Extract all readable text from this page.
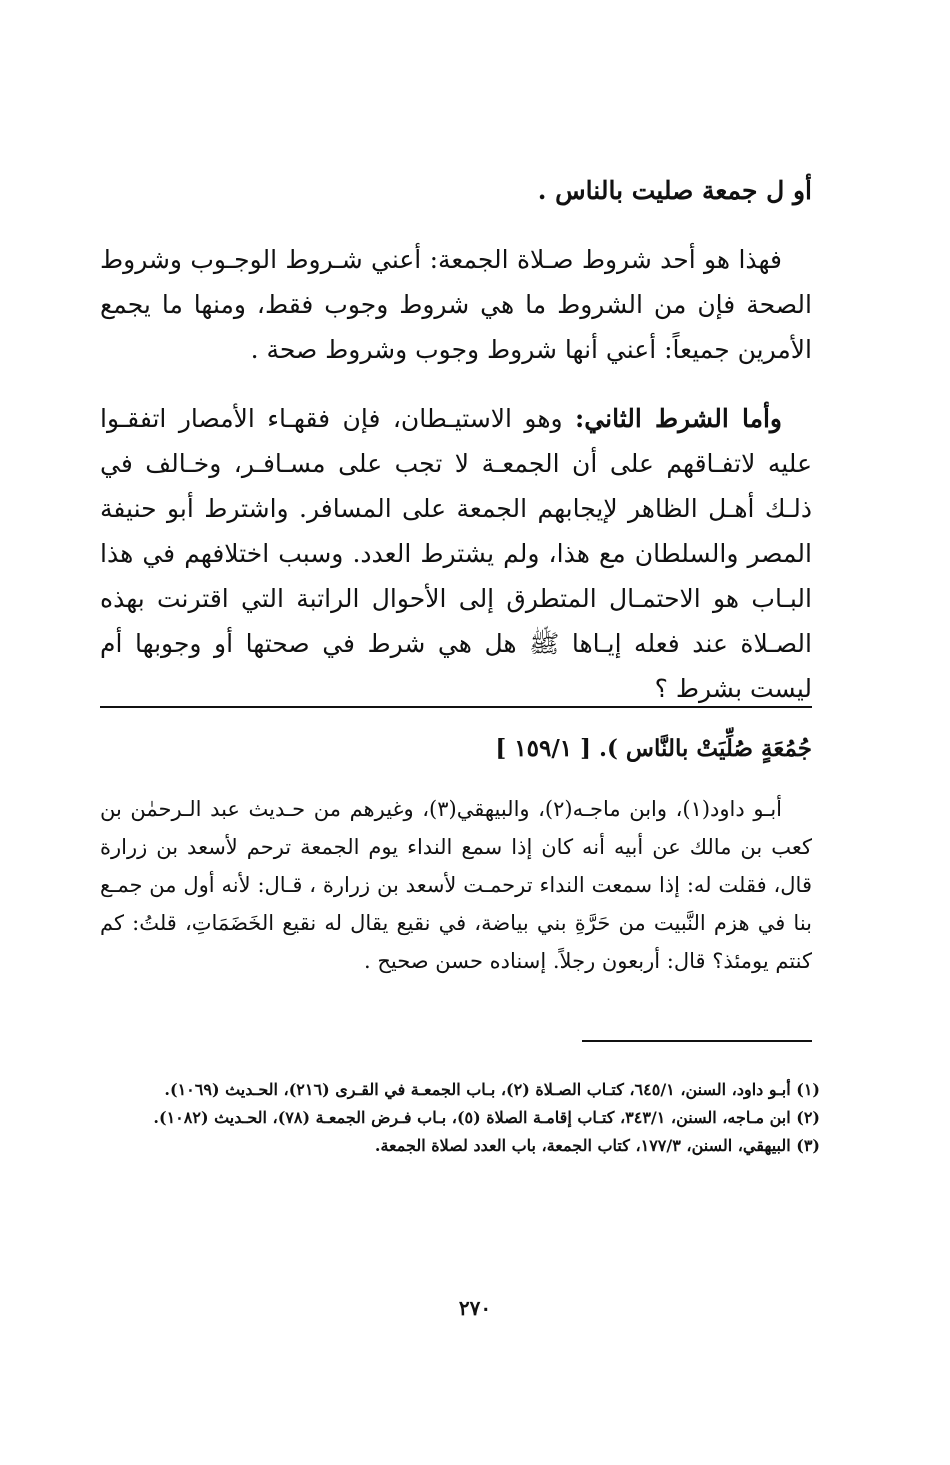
أو ل جمعة صليت بالناس .

فهذا هو أحد شروط صـلاة الجمعة: أعني شـروط الوجـوب وشروط الصحة فإن من الشروط ما هي شروط وجوب فقط، ومنها ما يجمع الأمرين جميعاً: أعني أنها شروط وجوب وشروط صحة .

وأما الشرط الثاني: وهو الاستيـطان، فإن فقهـاء الأمصار اتفقـوا عليه لاتفـاقهم على أن الجمعـة لا تجب على مسـافـر، وخـالف في ذلـك أهـل الظاهر لإيجابهم الجمعة على المسافر. واشترط أبو حنيفة المصر والسلطان مع هذا، ولم يشترط العدد. وسبب اختلافهم في هذا البـاب هو الاحتمـال المتطرق إلى الأحوال الراتبة التي اقترنت بهذه الصـلاة عند فعله إيـاها ﷺ هل هي شرط في صحتها أو وجوبها أم ليست بشرط ؟

جُمُعَةٍ صُلِّيَتْ بالنَّاس ). [ ١٥٩/١ ]

أبـو داود(١)، وابن ماجـه(٢)، والبيهقي(٣)، وغيرهم من حـديث عبد الـرحمٰن بن كعب بن مالك عن أبيه أنه كان إذا سمع النداء يوم الجمعة ترحم لأسعد بن زرارة قال، فقلت له: إذا سمعت النداء ترحمـت لأسعد بن زرارة ، قـال: لأنه أول من جمـع بنا في هزم النَّبيت من حَرَّةِ بني بياضة، في نقيع يقال له نقيع الخَضَمَاتِ، قلتُ: كم كنتم يومئذ؟ قال: أربعون رجلاً. إسناده حسن صحيح .

(١) أبـو داود، السنن، ٦٤٥/١، كتـاب الصـلاة (٢)، بـاب الجمعـة في القـرى (٢١٦)، الحـديث (١٠٦٩).

(٢) ابن مـاجه، السنن، ٣٤٣/١، كتـاب إقامـة الصلاة (٥)، بـاب فـرض الجمعـة (٧٨)، الحـديث (١٠٨٢).

(٣) البيهقي، السنن، ١٧٧/٣، كتاب الجمعة، باب العدد لصلاة الجمعة.

٢٧٠
